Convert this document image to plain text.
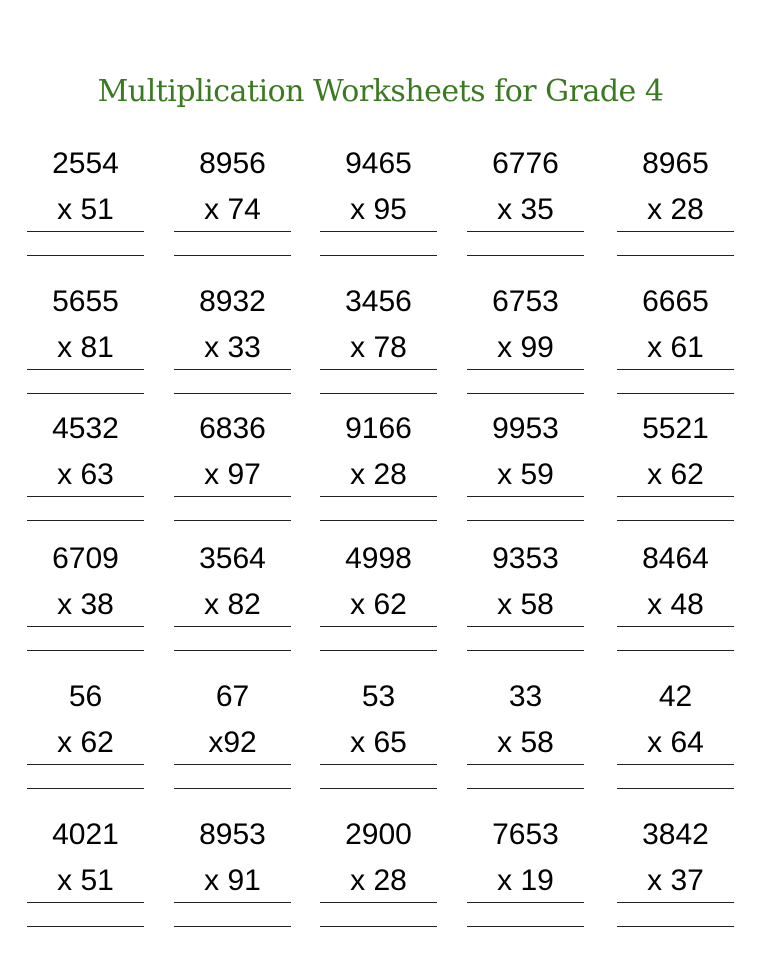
Multiplication Worksheets for Grade 4
2554
x 51
8956
x 74
9465
x 95
6776
x 35
8965
x 28
5655
x 81
8932
x 33
3456
x 78
6753
x 99
6665
x 61
4532
x 63
6836
x 97
9166
x 28
9953
x 59
5521
x 62
6709
x 38
3564
x 82
4998
x 62
9353
x 58
8464
x 48
56
x 62
67
x92
53
x 65
33
x 58
42
x 64
4021
x 51
8953
x 91
2900
x 28
7653
x 19
3842
x 37
